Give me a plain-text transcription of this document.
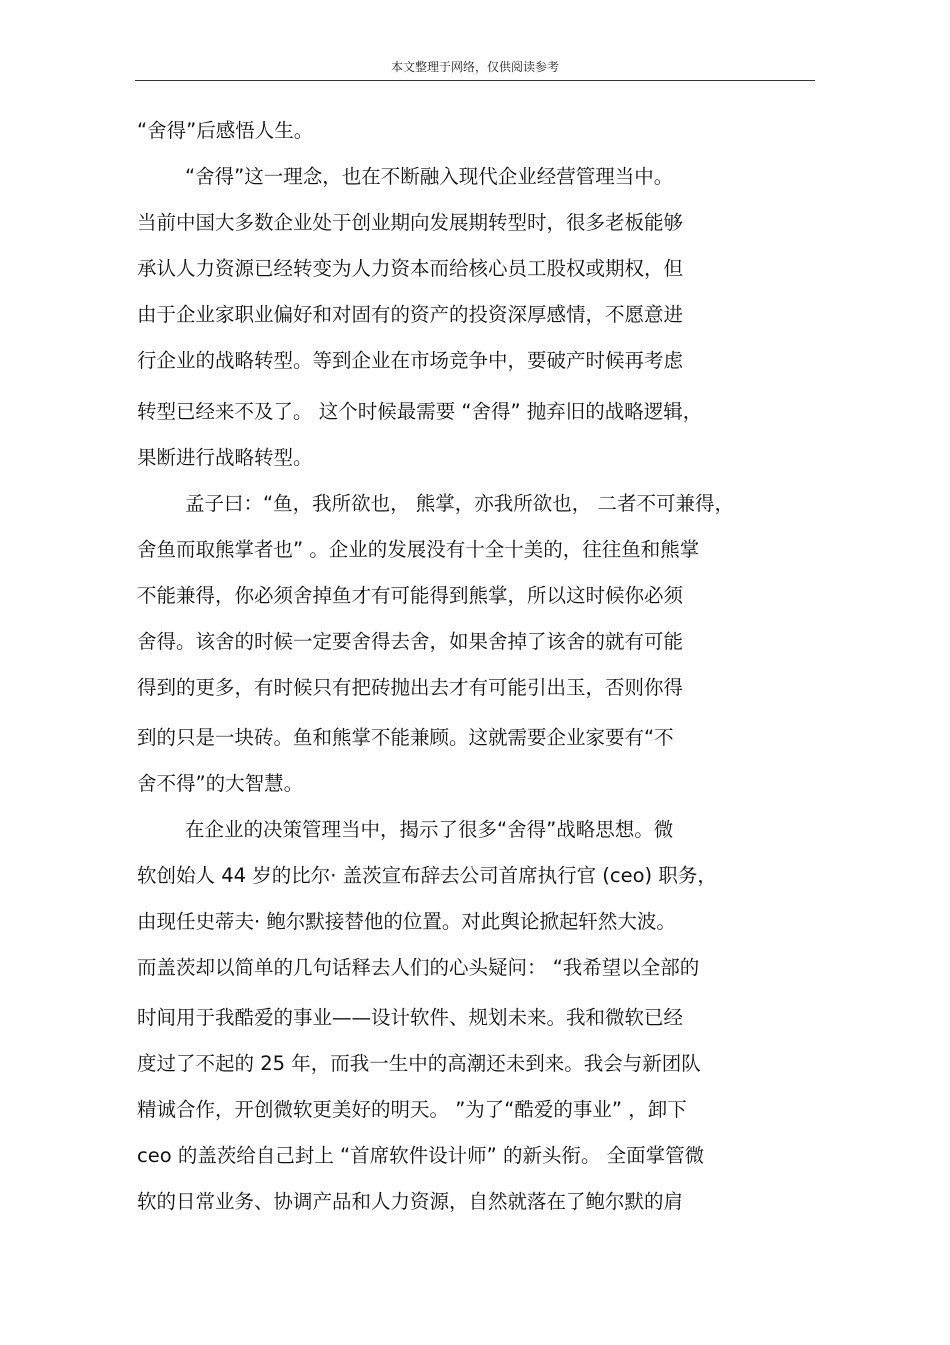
本文整理于网络，仅供阅读参考
“舍得”后感悟人生。
“舍得”这一理念，也在不断融入现代企业经营管理当中。
当前中国大多数企业处于创业期向发展期转型时，很多老板能够
承认人力资源已经转变为人力资本而给核心员工股权或期权，但
由于企业家职业偏好和对固有的资产的投资深厚感情，不愿意进
行企业的战略转型。等到企业在市场竞争中，要破产时候再考虑
转型已经来不及了。 这个时候最需要 “舍得” 抛弃旧的战略逻辑，
果断进行战略转型。
孟子曰：“鱼，我所欲也， 熊掌，亦我所欲也， 二者不可兼得，
舍鱼而取熊掌者也” 。企业的发展没有十全十美的，往往鱼和熊掌
不能兼得，你必须舍掉鱼才有可能得到熊掌，所以这时候你必须
舍得。该舍的时候一定要舍得去舍，如果舍掉了该舍的就有可能
得到的更多，有时候只有把砖抛出去才有可能引出玉，否则你得
到的只是一块砖。鱼和熊掌不能兼顾。这就需要企业家要有“不
舍不得”的大智慧。
在企业的决策管理当中，揭示了很多“舍得”战略思想。微
软创始人 44 岁的比尔· 盖茨宣布辞去公司首席执行官 (ceo) 职务，
由现任史蒂夫· 鲍尔默接替他的位置。对此舆论掀起轩然大波。
而盖茨却以简单的几句话释去人们的心头疑问： “我希望以全部的
时间用于我酷爱的事业——设计软件、规划未来。我和微软已经
度过了不起的 25 年，而我一生中的高潮还未到来。我会与新团队
精诚合作，开创微软更美好的明天。 ”为了“酷爱的事业” ，卸下
ceo 的盖茨给自己封上 “首席软件设计师” 的新头衔。 全面掌管微
软的日常业务、协调产品和人力资源，自然就落在了鲍尔默的肩
